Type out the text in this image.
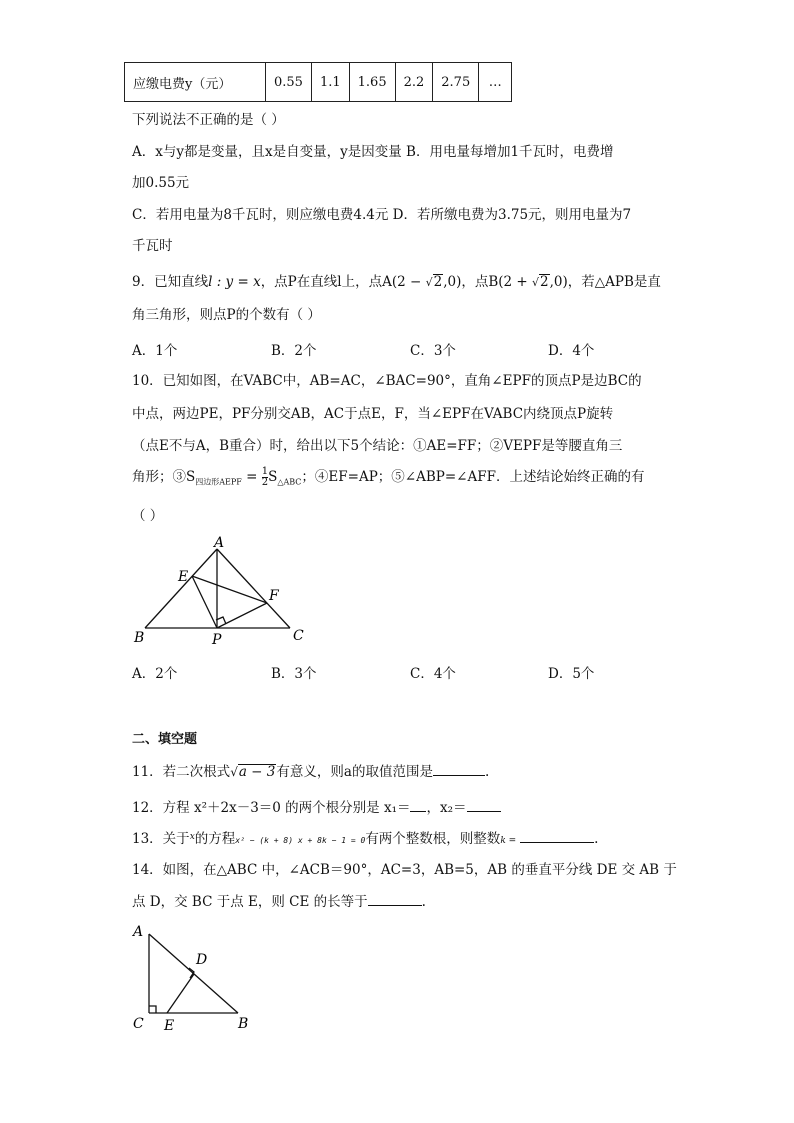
应缴电费y（元）	0.55	1.1	1.65	2.2	2.75	…
下列说法不正确的是（ ）
A．x与y都是变量，且x是自变量，y是因变量 B．用电量每增加1千瓦时，电费增
加0.55元
C．若用电量为8千瓦时，则应缴电费4.4元 D．若所缴电费为3.75元，则用电量为7
千瓦时
9．已知直线l : y = x，点P在直线l上，点A(2 − √2,0)，点B(2 + √2,0)，若△APB是直
角三角形，则点P的个数有（ ）
A．1个	B．2个	C．3个	D．4个
10．已知如图，在VABC中，AB=AC，∠BAC=90°，直角∠EPF的顶点P是边BC的
中点，两边PE，PF分别交AB，AC于点E，F，当∠EPF在VABC内绕顶点P旋转
（点E不与A，B重合）时，给出以下5个结论：①AE=FF；②VEPF是等腰直角三
角形；$③S_{四边形AEPF} = \frac{1}{2} S_{\triangle ABC}$；④EF=AP；⑤∠ABP=∠AFF．上述结论始终正确的有
（ ）
A
E
F
B	P	C
A．2个	B．3个	C．4个	D．5个
二、填空题
11．若二次根式√a − 3有意义，则a的取值范围是	.
12．方程 x²＋2x－3＝0 的两个根分别是 x₁＝ ，x₂＝
13．关于$^x$的方程x² − (k + 8) x + 8k − 1 = 0有两个整数根，则整数k =	.
14．如图，在△ABC 中，∠ACB＝90°，AC=3，AB=5，AB 的垂直平分线 DE 交 AB 于
点 D，交 BC 于点 E，则 CE 的长等于	.
A
D
C E	B
